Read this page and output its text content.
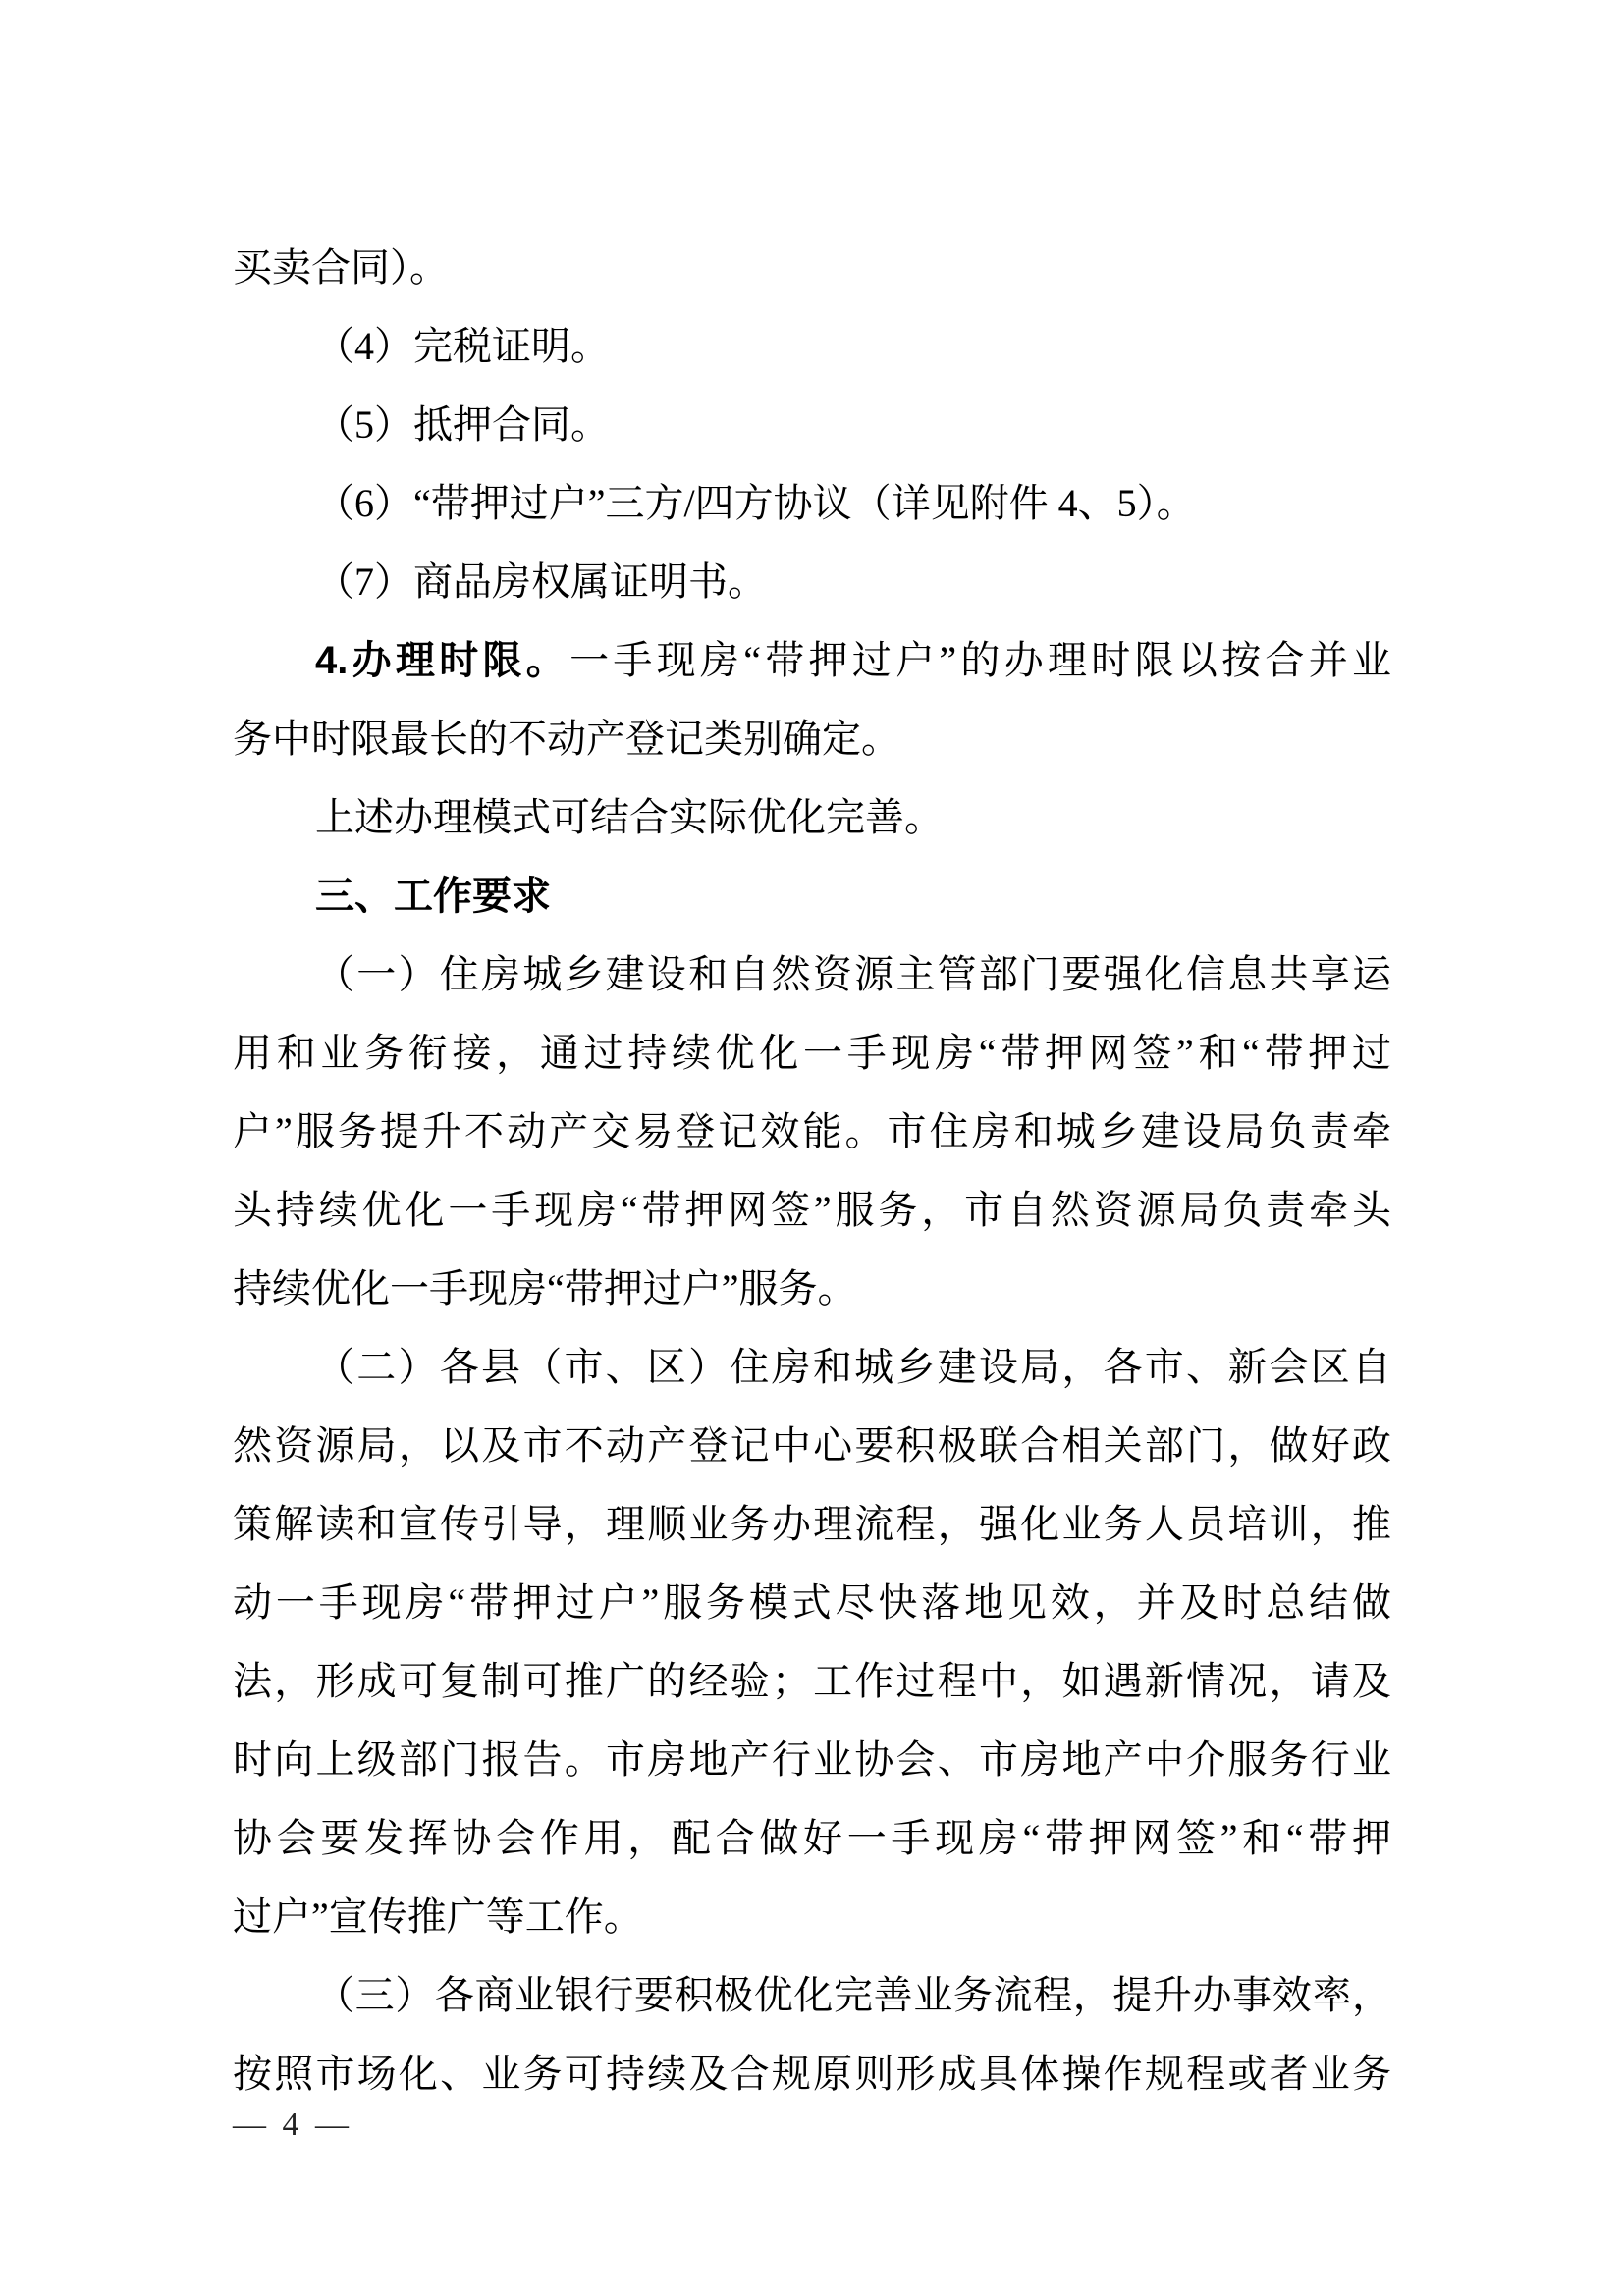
买卖合同）。
（4）完税证明。
（5）抵押合同。
（6）“带押过户”三方/四方协议（详见附件 4、5）。
（7）商品房权属证明书。
4.办理时限。一手现房“带押过户”的办理时限以按合并业
务中时限最长的不动产登记类别确定。
上述办理模式可结合实际优化完善。
三、工作要求
（一）住房城乡建设和自然资源主管部门要强化信息共享运
用和业务衔接，通过持续优化一手现房“带押网签”和“带押过
户”服务提升不动产交易登记效能。市住房和城乡建设局负责牵
头持续优化一手现房“带押网签”服务，市自然资源局负责牵头
持续优化一手现房“带押过户”服务。
（二）各县（市、区）住房和城乡建设局，各市、新会区自
然资源局，以及市不动产登记中心要积极联合相关部门，做好政
策解读和宣传引导，理顺业务办理流程，强化业务人员培训，推
动一手现房“带押过户”服务模式尽快落地见效，并及时总结做
法，形成可复制可推广的经验；工作过程中，如遇新情况，请及
时向上级部门报告。市房地产行业协会、市房地产中介服务行业
协会要发挥协会作用，配合做好一手现房“带押网签”和“带押
过户”宣传推广等工作。
（三）各商业银行要积极优化完善业务流程，提升办事效率，
按照市场化、业务可持续及合规原则形成具体操作规程或者业务
— 4 —
